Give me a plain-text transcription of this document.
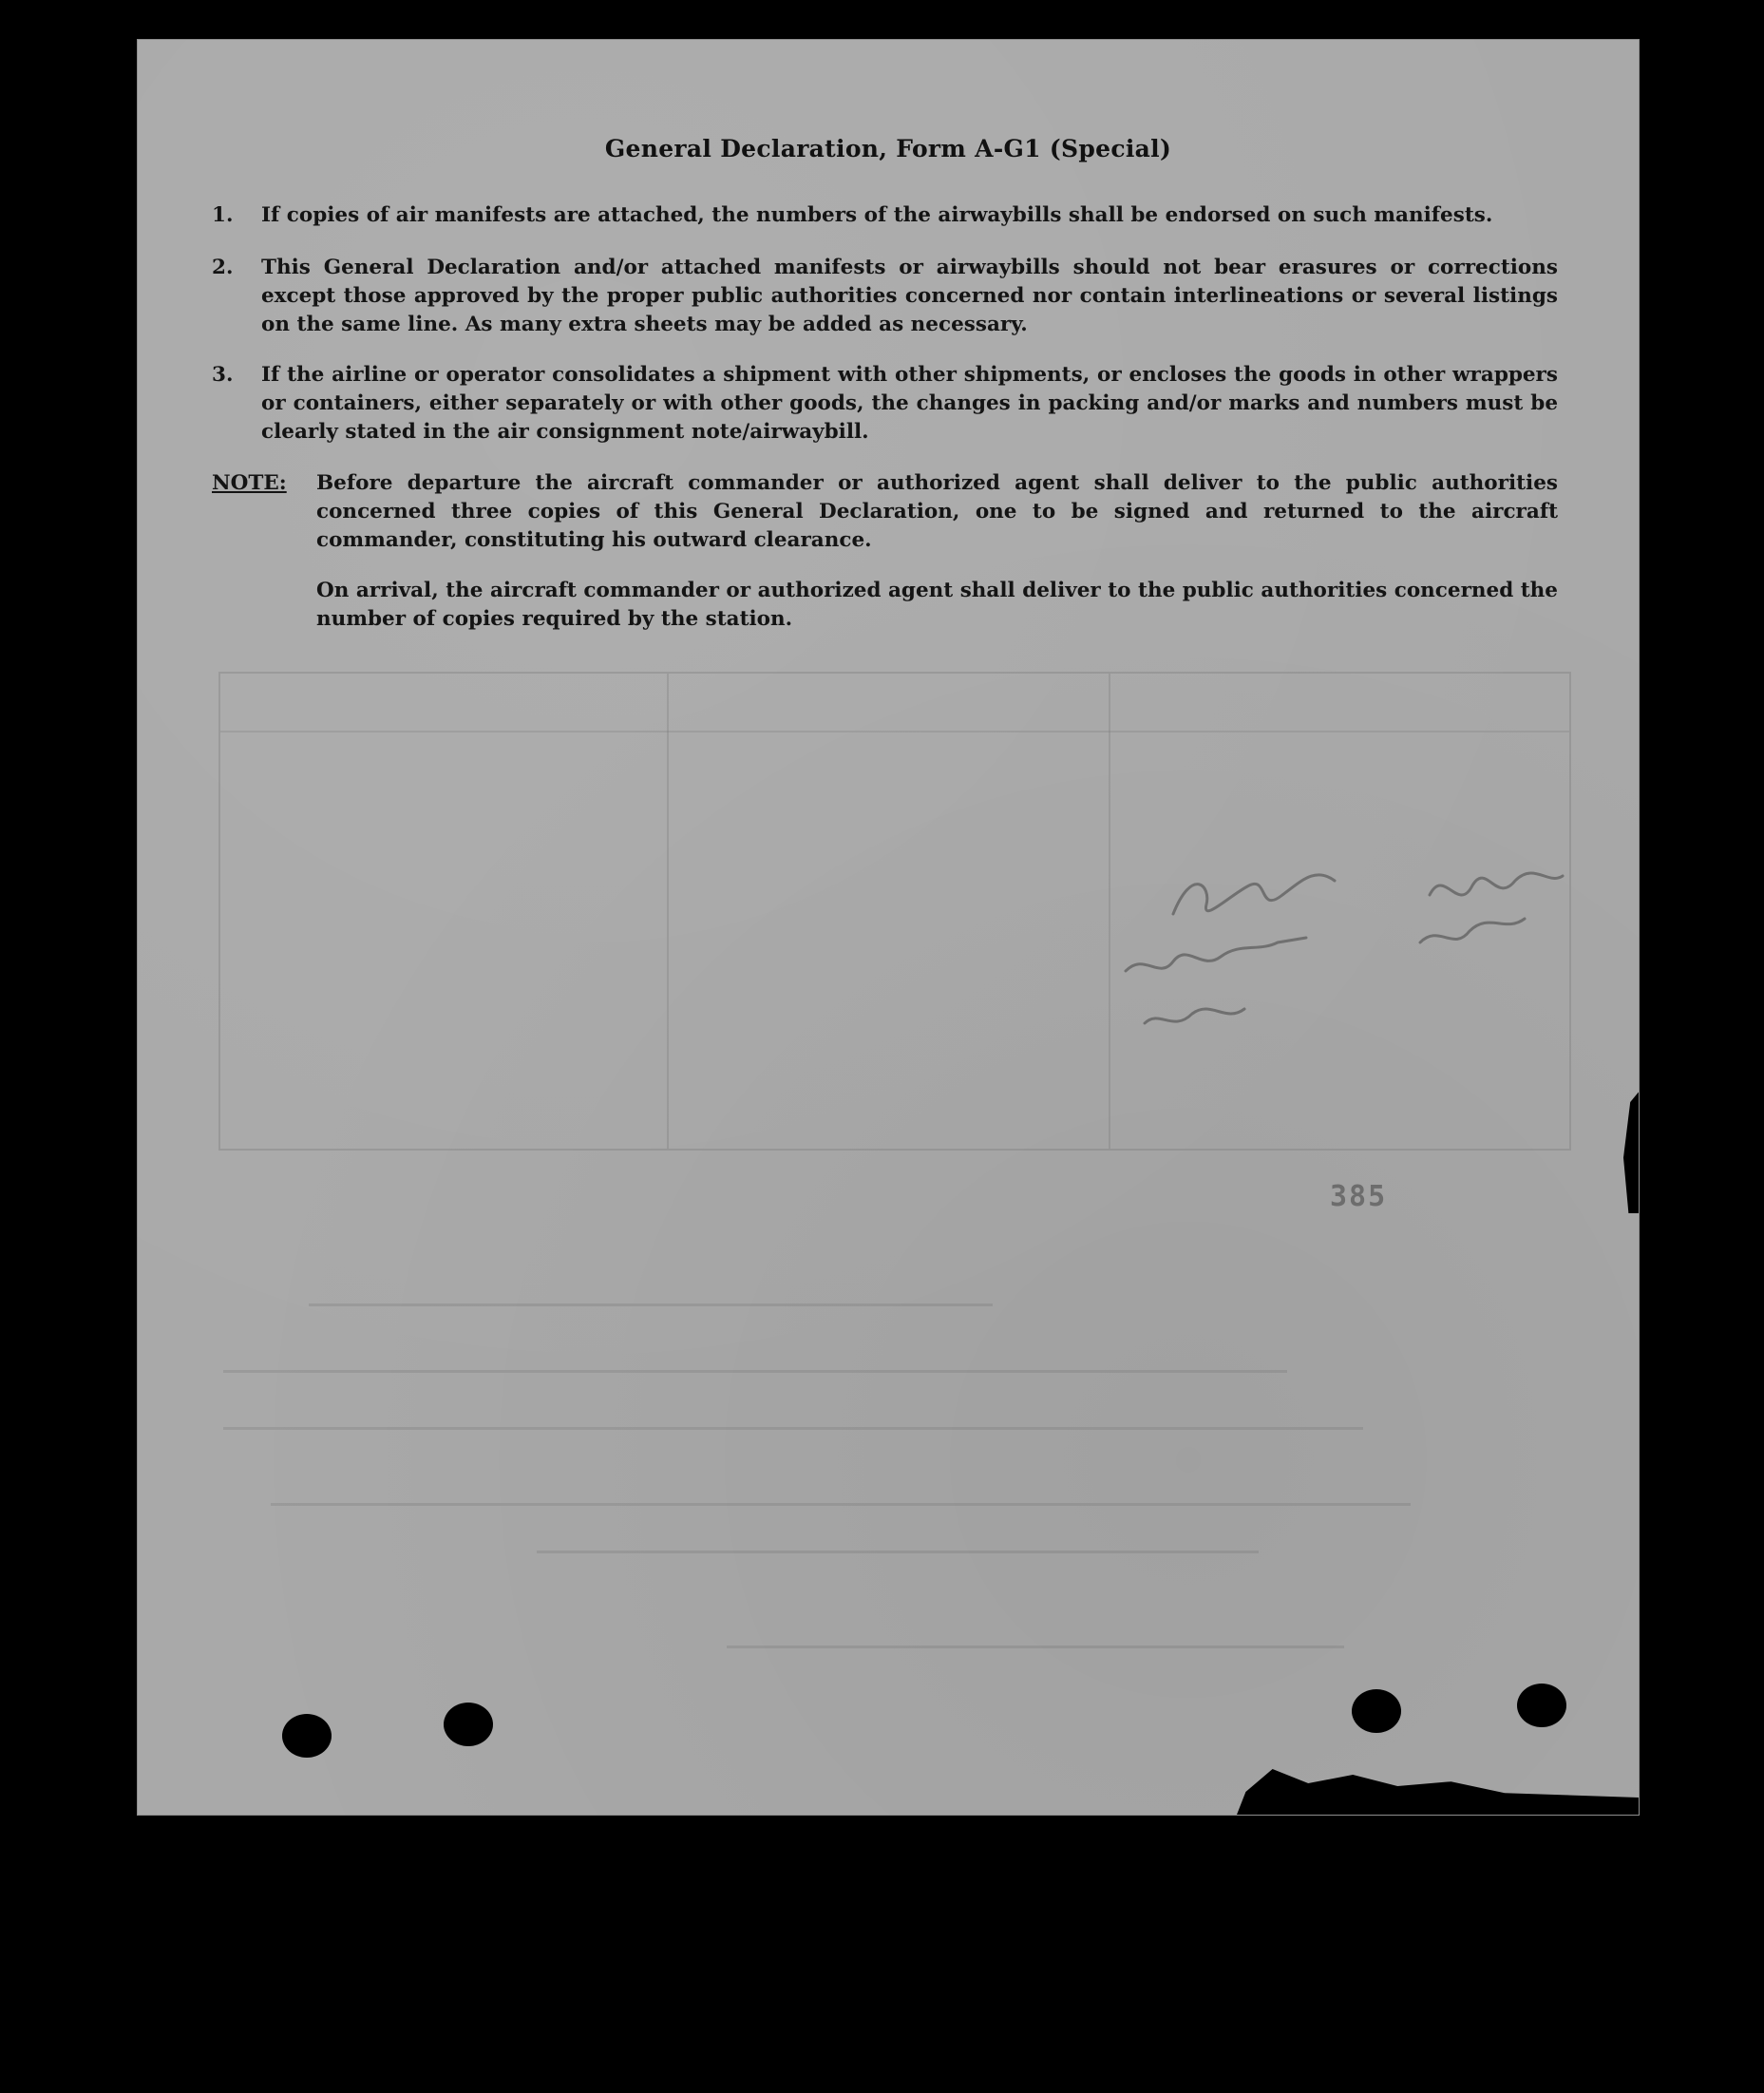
General Declaration, Form A-G1 (Special)
1.	If copies of air manifests are attached, the numbers of the airwaybills shall be endorsed on such manifests.
2.	This General Declaration and/or attached manifests or airwaybills should not bear erasures or corrections except those approved by the proper public authorities concerned nor contain interlineations or several listings on the same line. As many extra sheets may be added as necessary.
3.	If the airline or operator consolidates a shipment with other shipments, or encloses the goods in other wrappers or containers, either separately or with other goods, the changes in packing and/or marks and numbers must be clearly stated in the air consignment note/airwaybill.
NOTE: Before departure the aircraft commander or authorized agent shall deliver to the public authorities concerned three copies of this General Declaration, one to be signed and returned to the aircraft commander, constituting his outward clearance.
On arrival, the aircraft commander or authorized agent shall deliver to the public authorities concerned the number of copies required by the station.
385
